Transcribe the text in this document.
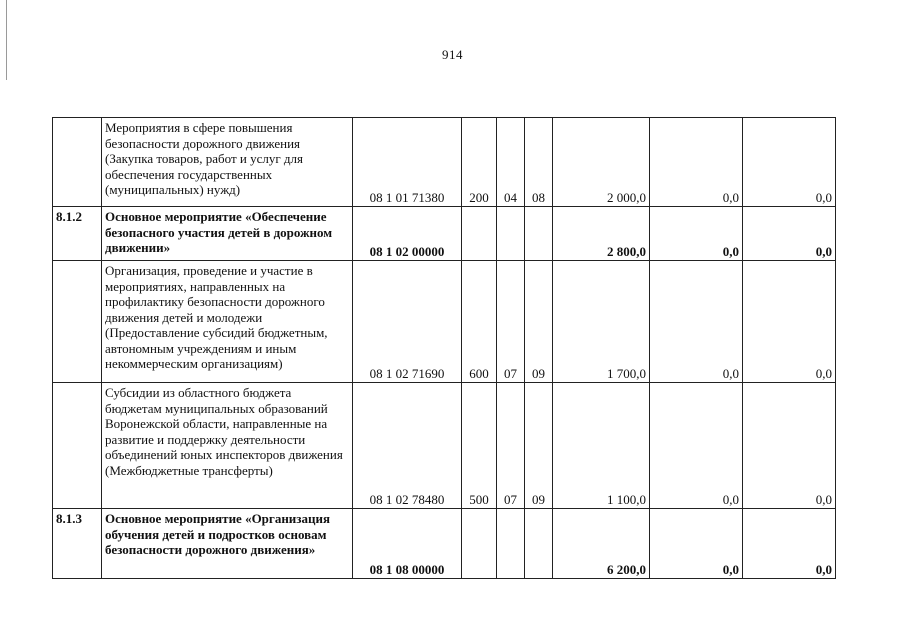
914
	Мероприятия в сфере повышения безопасности дорожного движения (Закупка товаров, работ и услуг для обеспечения государственных (муниципальных) нужд)	08 1 01 71380	200	04	08	2 000,0	0,0	0,0
8.1.2	Основное мероприятие «Обеспечение безопасного участия детей в дорожном движении»	08 1 02 00000				2 800,0	0,0	0,0
	Организация, проведение и участие в мероприятиях, направленных на профилактику безопасности дорожного движения детей и молодежи (Предоставление субсидий бюджетным, автономным учреждениям и иным некоммерческим организациям)	08 1 02 71690	600	07	09	1 700,0	0,0	0,0
	Субсидии из областного бюджета бюджетам муниципальных образований Воронежской области, направленные на развитие и поддержку деятельности объединений юных инспекторов движения (Межбюджетные трансферты)	08 1 02 78480	500	07	09	1 100,0	0,0	0,0
8.1.3	Основное мероприятие «Организация обучения детей и подростков основам безопасности дорожного движения»	08 1 08 00000				6 200,0	0,0	0,0
